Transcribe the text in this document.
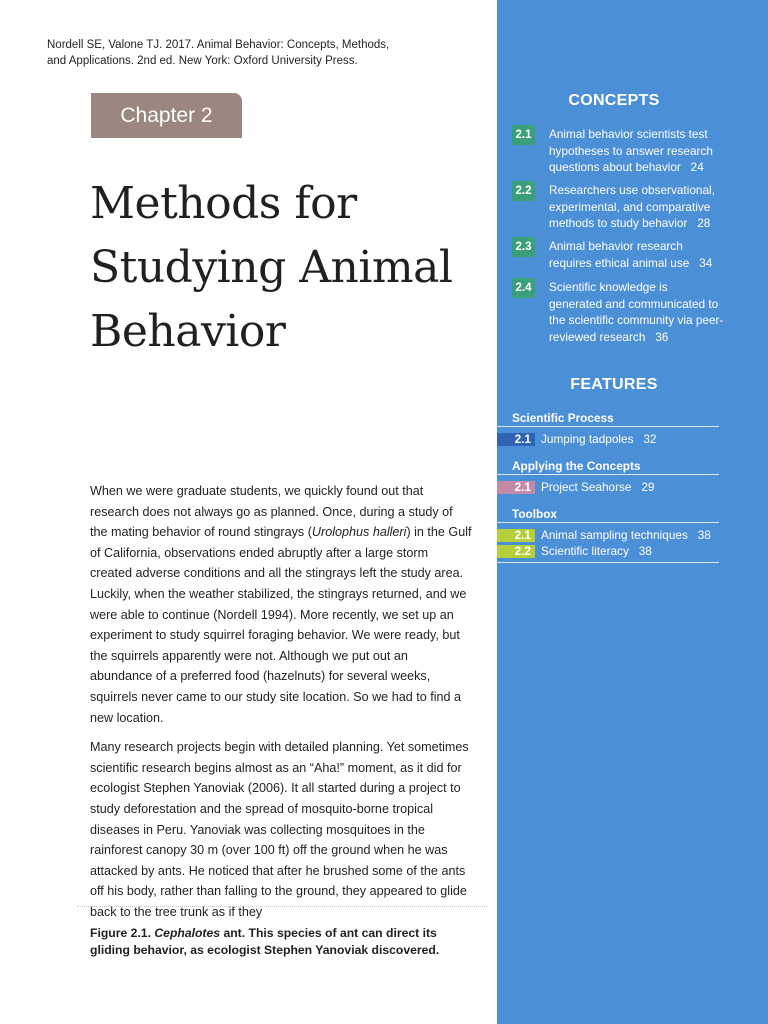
Nordell SE, Valone TJ. 2017. Animal Behavior: Concepts, Methods,
and Applications. 2nd ed. New York: Oxford University Press.
Chapter 2
Methods for
Studying Animal
Behavior

When we were graduate students, we quickly found out that research does not always go as planned. Once, during a study of the mating behavior of round stingrays (Urolophus halleri) in the Gulf of California, observations ended abruptly after a large storm created adverse conditions and all the stingrays left the study area. Luckily, when the weather stabilized, the stingrays returned, and we were able to continue (Nordell 1994). More recently, we set up an experiment to study squirrel foraging behavior. We were ready, but the squirrels apparently were not. Although we put out an abundance of a preferred food (hazelnuts) for several weeks, squirrels never came to our study site location. So we had to find a new location.

Many research projects begin with detailed planning. Yet sometimes scientific research begins almost as an “Aha!” moment, as it did for ecologist Stephen Yanoviak (2006). It all started during a project to study deforestation and the spread of mosquito-borne tropical diseases in Peru. Yanoviak was collecting mosquitoes in the rainforest canopy 30 m (over 100 ft) off the ground when he was attacked by ants. He noticed that after he brushed some of the ants off his body, rather than falling to the ground, they appeared to glide back to the tree trunk as if they

Figure 2.1. Cephalotes ant. This species of ant can direct its gliding behavior, as ecologist Stephen Yanoviak discovered.
CONCEPTS
2.1 Animal behavior scientists test hypotheses to answer research questions about behavior 24
2.2 Researchers use observational, experimental, and comparative methods to study behavior 28
2.3 Animal behavior research requires ethical animal use 34
2.4 Scientific knowledge is generated and communicated to the scientific community via peer-reviewed research 36
FEATURES
Scientific Process
2.1 Jumping tadpoles 32
Applying the Concepts
2.1 Project Seahorse 29
Toolbox
2.1 Animal sampling techniques 38
2.2 Scientific literacy 38
